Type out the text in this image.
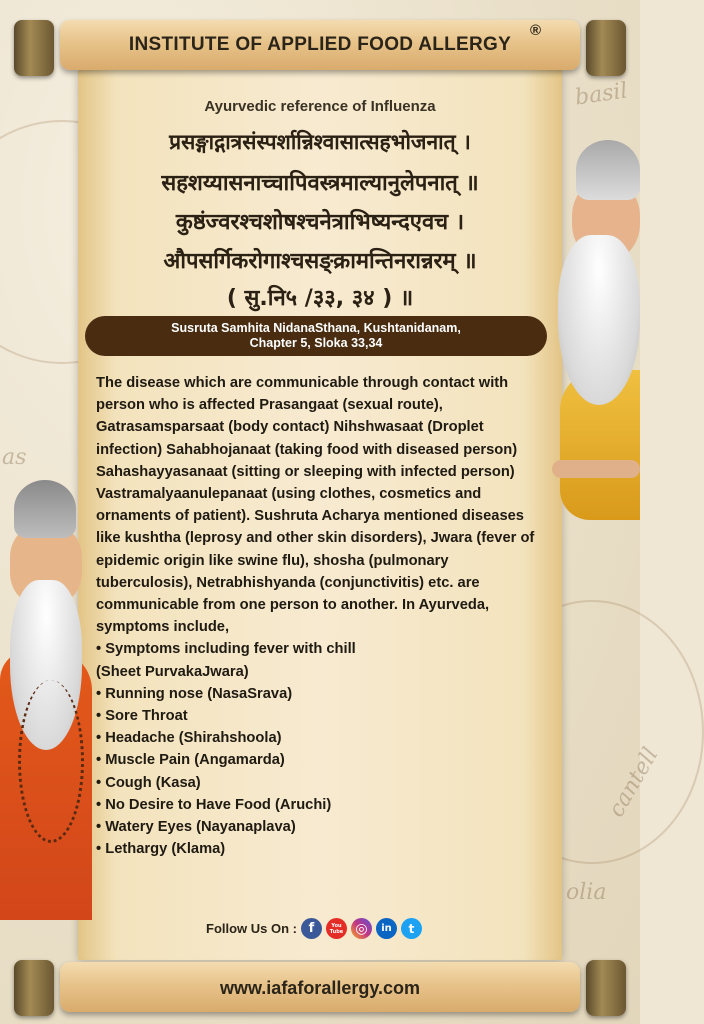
basil
cantell
olia
as
INSTITUTE OF APPLIED FOOD ALLERGY
®
Ayurvedic reference of Influenza
प्रसङ्गाद्गात्रसंस्पर्शान्निश्वासात्सहभोजनात् ।
सहशय्यासनाच्चापिवस्त्रमाल्यानुलेपनात् ॥
कुष्ठंज्वरश्चशोषश्चनेत्राभिष्यन्दएवच ।
औपसर्गिकरोगाश्चसङ्क्रामन्तिनरान्नरम् ॥
( सु.नि५ /३३, ३४ ) ॥
Susruta Samhita NidanaSthana, Kushtanidanam,
Chapter 5, Sloka 33,34

The disease which are communicable through contact with person who is affected Prasangaat (sexual route), Gatrasamsparsaat (body contact) Nihshwasaat (Droplet infection) Sahabhojanaat (taking food with diseased person) Sahashayyasanaat (sitting or sleeping with infected person) Vastramalyaanulepanaat (using clothes, cosmetics and ornaments of patient). Sushruta Acharya mentioned diseases like kushtha (leprosy and other skin disorders), Jwara (fever of epidemic origin like swine flu), shosha (pulmonary tuberculosis), Netrabhishyanda (conjunctivitis) etc. are communicable from one person to another. In Ayurveda, symptoms include,

• Symptoms including fever with chill
(Sheet PurvakaJwara)
• Running nose (NasaSrava)
• Sore Throat
• Headache (Shirahshoola)
• Muscle Pain (Angamarda)
• Cough (Kasa)
• No Desire to Have Food (Aruchi)
• Watery Eyes (Nayanaplava)
• Lethargy (Klama)
Follow Us On : f	You Tube ◎	in	t
www.iafaforallergy.com
